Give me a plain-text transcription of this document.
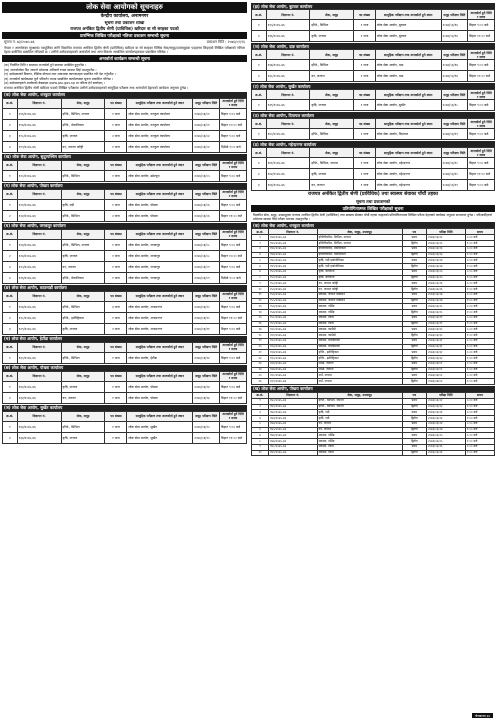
लोक सेवा आयोगको सूचनाहरु
केन्द्रीय कार्यालय, अनामनगर
सूचना तथा प्रकाशन शाखा
राजपत्र अनंकित द्वितीय श्रेणी (प्राविधिक) खरिदार वा सो सरहका पदको
प्रारम्भिक लिखित परीक्षाको नतिजा प्रकाशन सम्बन्धी सूचना
सूचना नं. ७३/२०७५-७६	प्रकाशन मिति : २०७६/०२/१६
नेपाल र अन्तर्गतका सुरक्षाका पदपूर्तिका लागि विज्ञापित राजपत्र अनंकित द्वितीय श्रेणी (प्राविधिक) खरिदार वा सो सरहका विभिन्न सेवा/समूह/उपसमूहका पदहरुमा लिइएको लिखित परीक्षाको नतिजा देहाय बमोजिम प्रकाशित गरिएको छ । उत्तीर्ण उम्मेदवारहरुको अन्तर्वार्ता तथा अन्य विवरण सम्बन्धित कार्यालयहरुबाट प्रकाशित गरिनेछ ।
अन्तर्वार्ता कार्यक्रम सम्बन्धी सूचना
(क) निर्धारित मिति र समयमा अन्तर्वार्ता हुने स्थानमा उपस्थित हुनुपर्नेछ ।
(ख) अन्तर्वार्ताका दिन आफ्नो प्रवेशपत्र अनिवार्य रुपमा साथमा लिई आउनुपर्नेछ ।
(ग) उम्मेदवारको विवरण, शैक्षिक योग्यता तथा आवश्यक कागजातहरु प्रमाणित गरी पेश गर्नुपर्नेछ ।
(घ) अन्तर्वार्ता कार्यक्रममा कुनै परिवर्तन भएमा सम्बन्धित कार्यालयबाट सूचना प्रकाशित गरिनेछ ।
(ङ) उम्मेदवारहरुले आयोगको वेबसाइट www.psc.gov.np मा नतिजा हेर्न सक्नेछन् ।
राजपत्र अनंकित द्वितीय श्रेणी खरिदार पदको लिखित परीक्षामा उत्तीर्ण उम्मेदवारहरुको सामूहिक परीक्षण तथा अन्तर्वार्ता देहायको कार्यक्रम अनुसार हुनेछ ।
(क) लोक सेवा आयोग, धनकुटा कार्यालय
क्र.सं.	विज्ञापन नं.	सेवा, समूह	पद संख्या	सामूहिक परीक्षण तथा अन्तर्वार्ता हुने स्थान	समूह परीक्षण मिति	अन्तर्वार्ता हुने मिति र समय
१	११६/२०७५-७६	इन्जि., सिभिल, जनरल	१ जना	लोक सेवा आयोग, धनकुटा कार्यालय	२०७६/०३/०१	बिहान ९:०० बजे
२	११७/२०७५-७६	इन्जि., मेकानिकल	१ जना	लोक सेवा आयोग, धनकुटा कार्यालय	२०७६/०३/०१	बिहान १०:०० बजे
३	११८/२०७५-७६	कृषि, जनरल	२ जना	लोक सेवा आयोग, धनकुटा कार्यालय	२०७६/०३/०२	बिहान ९:०० बजे
४	११९/२०७५-७६	वन, जनरल फरेष्ट्री	१ जना	लोक सेवा आयोग, धनकुटा कार्यालय	२०७६/०३/०२	दिउँसो १:०० बजे
(ख) लोक सेवा आयोग, सुदूरपश्चिम कार्यालय
क्र.सं.	विज्ञापन नं.	सेवा, समूह	पद संख्या	सामूहिक परीक्षण तथा अन्तर्वार्ता हुने स्थान	समूह परीक्षण मिति	अन्तर्वार्ता हुने मिति र समय
१	१२०/२०७५-७६	इन्जि., सिभिल	१ जना	लोक सेवा आयोग, डडेल्धुरा	२०७६/०३/०५	बिहान ९:०० बजे
(ग) लोक सेवा आयोग, पोखरा कार्यालय
क्र.सं.	विज्ञापन नं.	सेवा, समूह	पद संख्या	सामूहिक परीक्षण तथा अन्तर्वार्ता हुने स्थान	समूह परीक्षण मिति	अन्तर्वार्ता हुने मिति र समय
१	१२१/२०७५-७६	कृषि, एग्री	१ जना	लोक सेवा आयोग, पोखरा	२०७६/०३/०६	बिहान ९:०० बजे
२	१२२/२०७५-७६	इन्जि., सिभिल	२ जना	लोक सेवा आयोग, पोखरा	२०७६/०३/०६	बिहान ११:०० बजे
(घ) लोक सेवा आयोग, जनकपुर कार्यालय
क्र.सं.	विज्ञापन नं.	सेवा, समूह	पद संख्या	सामूहिक परीक्षण तथा अन्तर्वार्ता हुने स्थान	समूह परीक्षण मिति	अन्तर्वार्ता हुने मिति र समय
१	१२३/२०७५-७६	इन्जि., सिभिल, जनरल	१ जना	लोक सेवा आयोग, जनकपुर	२०७६/०३/०८	बिहान ९:०० बजे
२	१२४/२०७५-७६	कृषि, जनरल	१ जना	लोक सेवा आयोग, जनकपुर	२०७६/०३/०८	बिहान १०:०० बजे
३	१२५/२०७५-७६	वन, जनरल	१ जना	लोक सेवा आयोग, जनकपुर	२०७६/०३/०९	बिहान ९:०० बजे
४	१२६/२०७५-७६	इन्जि., मेकानिकल	१ जना	लोक सेवा आयोग, जनकपुर	२०७६/०३/०९	दिउँसो १:०० बजे
(ङ) लोक सेवा आयोग, काठमाडौं कार्यालय
क्र.सं.	विज्ञापन नं.	सेवा, समूह	पद संख्या	सामूहिक परीक्षण तथा अन्तर्वार्ता हुने स्थान	समूह परीक्षण मिति	अन्तर्वार्ता हुने मिति र समय
१	१२७/२०७५-७६	इन्जि., सिभिल	३ जना	लोक सेवा आयोग, अनामनगर	२०७६/०३/१०	बिहान ९:०० बजे
२	१२८/२०७५-७६	इन्जि., इलेक्ट्रिकल	१ जना	लोक सेवा आयोग, अनामनगर	२०७६/०३/१०	बिहान ११:०० बजे
३	१२९/२०७५-७६	कृषि, जनरल	२ जना	लोक सेवा आयोग, अनामनगर	२०७६/०३/११	बिहान ९:०० बजे
(च) लोक सेवा आयोग, हेटौंडा कार्यालय
क्र.सं.	विज्ञापन नं.	सेवा, समूह	पद संख्या	सामूहिक परीक्षण तथा अन्तर्वार्ता हुने स्थान	समूह परीक्षण मिति	अन्तर्वार्ता हुने मिति र समय
१	१३०/२०७५-७६	इन्जि., सिभिल	१ जना	लोक सेवा आयोग, हेटौंडा	२०७६/०३/१२	बिहान ९:०० बजे
(छ) लोक सेवा आयोग, पोखरा कार्यालय
क्र.सं.	विज्ञापन नं.	सेवा, समूह	पद संख्या	सामूहिक परीक्षण तथा अन्तर्वार्ता हुने स्थान	समूह परीक्षण मिति	अन्तर्वार्ता हुने मिति र समय
१	१३१/२०७५-७६	कृषि, जनरल	१ जना	लोक सेवा आयोग, पोखरा	२०७६/०३/१३	बिहान ९:०० बजे
२	१३२/२०७५-७६	वन, जनरल	१ जना	लोक सेवा आयोग, पोखरा	२०७६/०३/१३	बिहान ११:०० बजे
(ज) लोक सेवा आयोग, सुर्खेत कार्यालय
क्र.सं.	विज्ञापन नं.	सेवा, समूह	पद संख्या	सामूहिक परीक्षण तथा अन्तर्वार्ता हुने स्थान	समूह परीक्षण मिति	अन्तर्वार्ता हुने मिति र समय
१	१३३/२०७५-७६	इन्जि., सिभिल	१ जना	लोक सेवा आयोग, सुर्खेत	२०७६/०३/१५	बिहान ९:०० बजे
२	१३४/२०७५-७६	कृषि, जनरल	१ जना	लोक सेवा आयोग, सुर्खेत	२०७६/०३/१५	बिहान ११:०० बजे
(झ) लोक सेवा आयोग, बुटवल कार्यालय
क्र.सं.	विज्ञापन नं.	सेवा, समूह	पद संख्या	सामूहिक परीक्षण तथा अन्तर्वार्ता हुने स्थान	समूह परीक्षण मिति	अन्तर्वार्ता हुने मिति र समय
१	१३५/२०७५-७६	इन्जि., सिभिल	१ जना	लोक सेवा आयोग, बुटवल	२०७६/०३/१६	बिहान ९:०० बजे
२	१३६/२०७५-७६	कृषि, जनरल	१ जना	लोक सेवा आयोग, बुटवल	२०७६/०३/१६	बिहान ११:०० बजे
(ञ) लोक सेवा आयोग, दाङ कार्यालय
क्र.सं.	विज्ञापन नं.	सेवा, समूह	पद संख्या	सामूहिक परीक्षण तथा अन्तर्वार्ता हुने स्थान	समूह परीक्षण मिति	अन्तर्वार्ता हुने मिति र समय
१	१३७/२०७५-७६	इन्जि., सिभिल	१ जना	लोक सेवा आयोग, दाङ	२०७६/०३/१७	बिहान ९:०० बजे
२	१३८/२०७५-७६	वन, जनरल	१ जना	लोक सेवा आयोग, दाङ	२०७६/०३/१७	बिहान ११:०० बजे
(ट) लोक सेवा आयोग, सुर्खेत कार्यालय
क्र.सं.	विज्ञापन नं.	सेवा, समूह	पद संख्या	सामूहिक परीक्षण तथा अन्तर्वार्ता हुने स्थान	समूह परीक्षण मिति	अन्तर्वार्ता हुने मिति र समय
१	१३९/२०७५-७६	कृषि, जनरल	१ जना	लोक सेवा आयोग, सुर्खेत	२०७६/०३/१८	बिहान ९:०० बजे
(ठ) लोक सेवा आयोग, दिपायल कार्यालय
क्र.सं.	विज्ञापन नं.	सेवा, समूह	पद संख्या	सामूहिक परीक्षण तथा अन्तर्वार्ता हुने स्थान	समूह परीक्षण मिति	अन्तर्वार्ता हुने मिति र समय
१	१४०/२०७५-७६	इन्जि., सिभिल	१ जना	लोक सेवा आयोग, दिपायल	२०७६/०३/१९	बिहान ९:०० बजे
(ड) लोक सेवा आयोग, महेन्द्रनगर कार्यालय
क्र.सं.	विज्ञापन नं.	सेवा, समूह	पद संख्या	सामूहिक परीक्षण तथा अन्तर्वार्ता हुने स्थान	समूह परीक्षण मिति	अन्तर्वार्ता हुने मिति र समय
१	१४१/२०७५-७६	इन्जि., सिभिल, जनरल	१ जना	लोक सेवा आयोग, महेन्द्रनगर	२०७६/०३/२०	बिहान ९:०० बजे
२	१४२/२०७५-७६	कृषि, जनरल	१ जना	लोक सेवा आयोग, महेन्द्रनगर	२०७६/०३/२०	बिहान ११:०० बजे
३	१४३/२०७५-७६	वन, जनरल	१ जना	लोक सेवा आयोग, महेन्द्रनगर	२०७६/०३/२१	बिहान ९:०० बजे
राजपत्र अनंकित द्वितीय श्रेणी (प्राविधिक) तथा स्वास्थ्य सेवाका पाँचौं तहका
सूचना तथा प्रकाशनको
प्रतियोगितात्मक लिखित परीक्षाको सूचना
विज्ञापित सेवा, समूह, उपसमूहका राजपत्र अनंकित द्वितीय श्रेणी (प्राविधिक) तथा स्वास्थ्य सेवाका पाँचौं तहका पदहरुको प्रतियोगितात्मक लिखित परीक्षा देहायको कार्यक्रम अनुसार सञ्चालन हुनेछ । परीक्षार्थीहरुले प्रवेशपत्र साथमा लिई परीक्षा भवनमा आउनुपर्नेछ ।
(क) लोक सेवा आयोग, धनकुटा कार्यालय
क्र.सं.	विज्ञापन नं.	सेवा, समूह, उपसमूह	पत्र	परीक्षा मिति	समय
१	१४४/२०७५-७६	इन्जिनियरिङ, सिभिल, जनरल	प्रथम	२०७६/०३/२२	८:०० बजे
२	१४५/२०७५-७६	इन्जिनियरिङ, सिभिल, जनरल	द्वितीय	२०७६/०३/२२	१:०० बजे
३	१४६/२०७५-७६	इन्जिनियरिङ, मेकानिकल	प्रथम	२०७६/०३/२३	८:०० बजे
४	१४७/२०७५-७६	इन्जिनियरिङ, मेकानिकल	द्वितीय	२०७६/०३/२३	१:०० बजे
५	१४८/२०७५-७६	कृषि, एग्री इकोनोमिक्स	प्रथम	२०७६/०३/२४	८:०० बजे
६	१४९/२०७५-७६	कृषि, एग्री इकोनोमिक्स	द्वितीय	२०७६/०३/२४	१:०० बजे
७	१५०/२०७५-७६	कृषि, बागवानी	प्रथम	२०७६/०३/२५	८:०० बजे
८	१५१/२०७५-७६	कृषि, बागवानी	द्वितीय	२०७६/०३/२५	१:०० बजे
९	१५२/२०७५-७६	वन, जनरल फरेष्ट्री	प्रथम	२०७६/०३/२६	८:०० बजे
१०	१५३/२०७५-७६	वन, जनरल फरेष्ट्री	द्वितीय	२०७६/०३/२६	१:०० बजे
११	१५४/२०७५-७६	स्वास्थ्य, जनरल मेडिसिन	प्रथम	२०७६/०३/२७	८:०० बजे
१२	१५५/२०७५-७६	स्वास्थ्य, जनरल मेडिसिन	द्वितीय	२०७६/०३/२७	१:०० बजे
१३	१५६/२०७५-७६	स्वास्थ्य, नर्सिङ	प्रथम	२०७६/०३/२८	८:०० बजे
१४	१५७/२०७५-७६	स्वास्थ्य, नर्सिङ	द्वितीय	२०७६/०३/२८	१:०० बजे
१५	१५८/२०७५-७६	स्वास्थ्य, ल्याब	प्रथम	२०७६/०३/२९	८:०० बजे
१६	१५९/२०७५-७६	स्वास्थ्य, ल्याब	द्वितीय	२०७६/०३/२९	१:०० बजे
१७	१६०/२०७५-७६	स्वास्थ्य, फार्मेसी	प्रथम	२०७६/०३/३०	८:०० बजे
१८	१६१/२०७५-७६	स्वास्थ्य, फार्मेसी	द्वितीय	२०७६/०३/३०	१:०० बजे
१९	१६२/२०७५-७६	स्वास्थ्य, रेडियोग्राफी	प्रथम	२०७६/०३/३१	८:०० बजे
२०	१६३/२०७५-७६	स्वास्थ्य, रेडियोग्राफी	द्वितीय	२०७६/०३/३१	१:०० बजे
२१	१६४/२०७५-७६	इन्जि., इलेक्ट्रिकल	प्रथम	२०७६/०३/३२	८:०० बजे
२२	१६५/२०७५-७६	इन्जि., इलेक्ट्रिकल	द्वितीय	२०७६/०३/३२	१:०० बजे
२३	१६६/२०७५-७६	शिक्षा, जनरल	प्रथम	२०७६/०४/०१	८:०० बजे
२४	१६७/२०७५-७६	शिक्षा, जनरल	द्वितीय	२०७६/०४/०१	१:०० बजे
२५	१६८/२०७५-७६	सर्भे, जनरल	प्रथम	२०७६/०४/०२	८:०० बजे
२६	१६९/२०७५-७६	सर्भे, जनरल	द्वितीय	२०७६/०४/०२	१:०० बजे
(ख) लोक सेवा आयोग, पोखरा कार्यालय
क्र.सं.	विज्ञापन नं.	सेवा, समूह, उपसमूह	पत्र	परीक्षा मिति	समय
१	१७०/२०७५-७६	इन्जि., सिभिल, जनरल	प्रथम	२०७६/०३/२२	८:०० बजे
२	१७१/२०७५-७६	इन्जि., सिभिल, जनरल	द्वितीय	२०७६/०३/२२	१:०० बजे
३	१७२/२०७५-७६	कृषि, एग्री	प्रथम	२०७६/०३/२३	८:०० बजे
४	१७३/२०७५-७६	कृषि, एग्री	द्वितीय	२०७६/०३/२३	१:०० बजे
५	१७४/२०७५-७६	वन, जनरल	प्रथम	२०७६/०३/२४	८:०० बजे
६	१७५/२०७५-७६	वन, जनरल	द्वितीय	२०७६/०३/२४	१:०० बजे
७	१७६/२०७५-७६	स्वास्थ्य, नर्सिङ	प्रथम	२०७६/०३/२५	८:०० बजे
८	१७७/२०७५-७६	स्वास्थ्य, नर्सिङ	द्वितीय	२०७६/०३/२५	१:०० बजे
९	१७८/२०७५-७६	स्वास्थ्य, ल्याब	प्रथम	२०७६/०३/२६	८:०० बजे
१०	१७९/२०७५-७६	स्वास्थ्य, ल्याब	द्वितीय	२०७६/०३/२६	१:०० बजे
गोरखापत्र ६७
